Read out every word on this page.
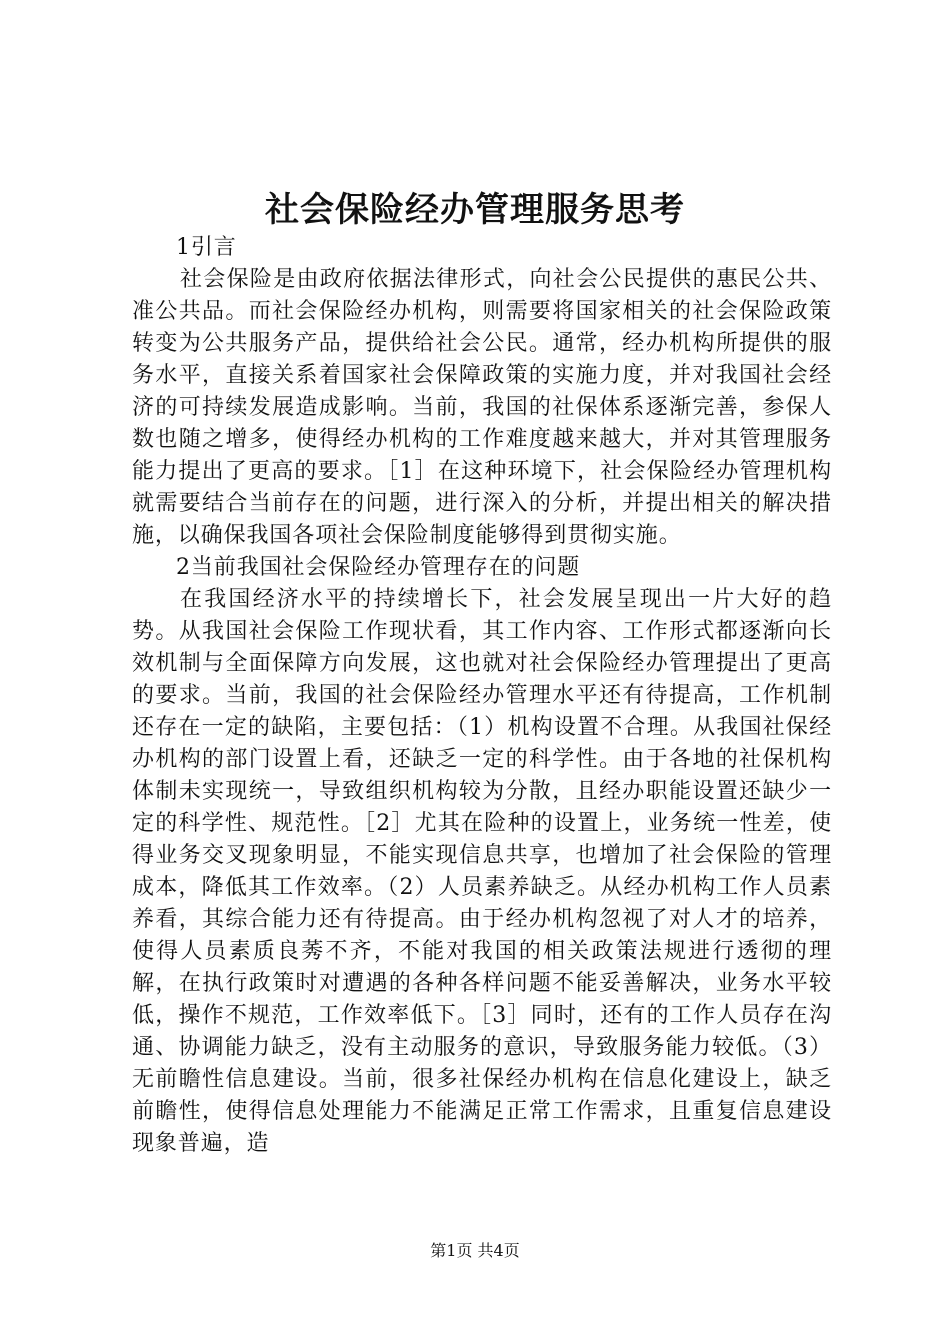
社会保险经办管理服务思考

1引言

社会保险是由政府依据法律形式，向社会公民提供的惠民公共、准公共品。而社会保险经办机构，则需要将国家相关的社会保险政策转变为公共服务产品，提供给社会公民。通常，经办机构所提供的服务水平，直接关系着国家社会保障政策的实施力度，并对我国社会经济的可持续发展造成影响。当前，我国的社保体系逐渐完善，参保人数也随之增多，使得经办机构的工作难度越来越大，并对其管理服务能力提出了更高的要求。［1］在这种环境下，社会保险经办管理机构就需要结合当前存在的问题，进行深入的分析，并提出相关的解决措施，以确保我国各项社会保险制度能够得到贯彻实施。

2当前我国社会保险经办管理存在的问题

在我国经济水平的持续增长下，社会发展呈现出一片大好的趋势。从我国社会保险工作现状看，其工作内容、工作形式都逐渐向长效机制与全面保障方向发展，这也就对社会保险经办管理提出了更高的要求。当前，我国的社会保险经办管理水平还有待提高，工作机制还存在一定的缺陷，主要包括：（1）机构设置不合理。从我国社保经办机构的部门设置上看，还缺乏一定的科学性。由于各地的社保机构体制未实现统一，导致组织机构较为分散，且经办职能设置还缺少一定的科学性、规范性。［2］尤其在险种的设置上，业务统一性差，使得业务交叉现象明显，不能实现信息共享，也增加了社会保险的管理成本，降低其工作效率。（2）人员素养缺乏。从经办机构工作人员素养看，其综合能力还有待提高。由于经办机构忽视了对人才的培养，使得人员素质良莠不齐，不能对我国的相关政策法规进行透彻的理解，在执行政策时对遭遇的各种各样问题不能妥善解决，业务水平较低，操作不规范，工作效率低下。［3］同时，还有的工作人员存在沟通、协调能力缺乏，没有主动服务的意识，导致服务能力较低。（3）无前瞻性信息建设。当前，很多社保经办机构在信息化建设上，缺乏前瞻性，使得信息处理能力不能满足正常工作需求，且重复信息建设现象普遍，造

第1页 共4页
